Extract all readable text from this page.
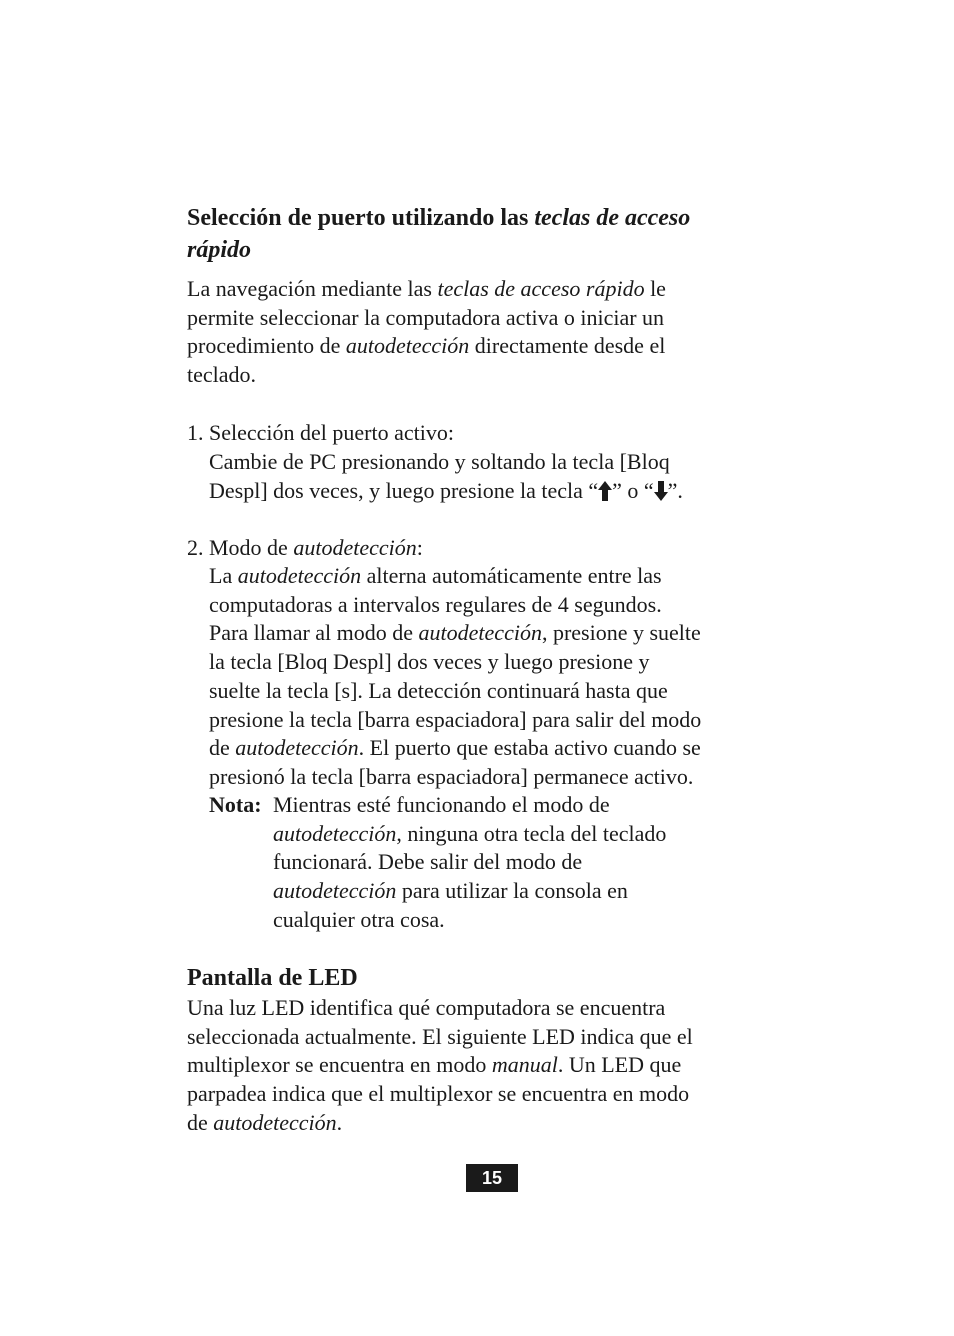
Selección de puerto utilizando las teclas de acceso
rápido
La navegación mediante las teclas de acceso rápido le
permite seleccionar la computadora activa o iniciar un
procedimiento de autodetección directamente desde el
teclado.
1. Selección del puerto activo:
Cambie de PC presionando y soltando la tecla [Bloq
Despl] dos veces, y luego presione la tecla “ ” o “ ”.
2. Modo de autodetección:
La autodetección alterna automáticamente entre las
computadoras a intervalos regulares de 4 segundos.
Para llamar al modo de autodetección, presione y suelte
la tecla [Bloq Despl] dos veces y luego presione y
suelte la tecla [s]. La detección continuará hasta que
presione la tecla [barra espaciadora] para salir del modo
de autodetección. El puerto que estaba activo cuando se
presionó la tecla [barra espaciadora] permanece activo.
Nota: Mientras esté funcionando el modo de
autodetección, ninguna otra tecla del teclado
funcionará. Debe salir del modo de
autodetección para utilizar la consola en
cualquier otra cosa.
Pantalla de LED
Una luz LED identifica qué computadora se encuentra
seleccionada actualmente. El siguiente LED indica que el
multiplexor se encuentra en modo manual. Un LED que
parpadea indica que el multiplexor se encuentra en modo
de autodetección.
15
